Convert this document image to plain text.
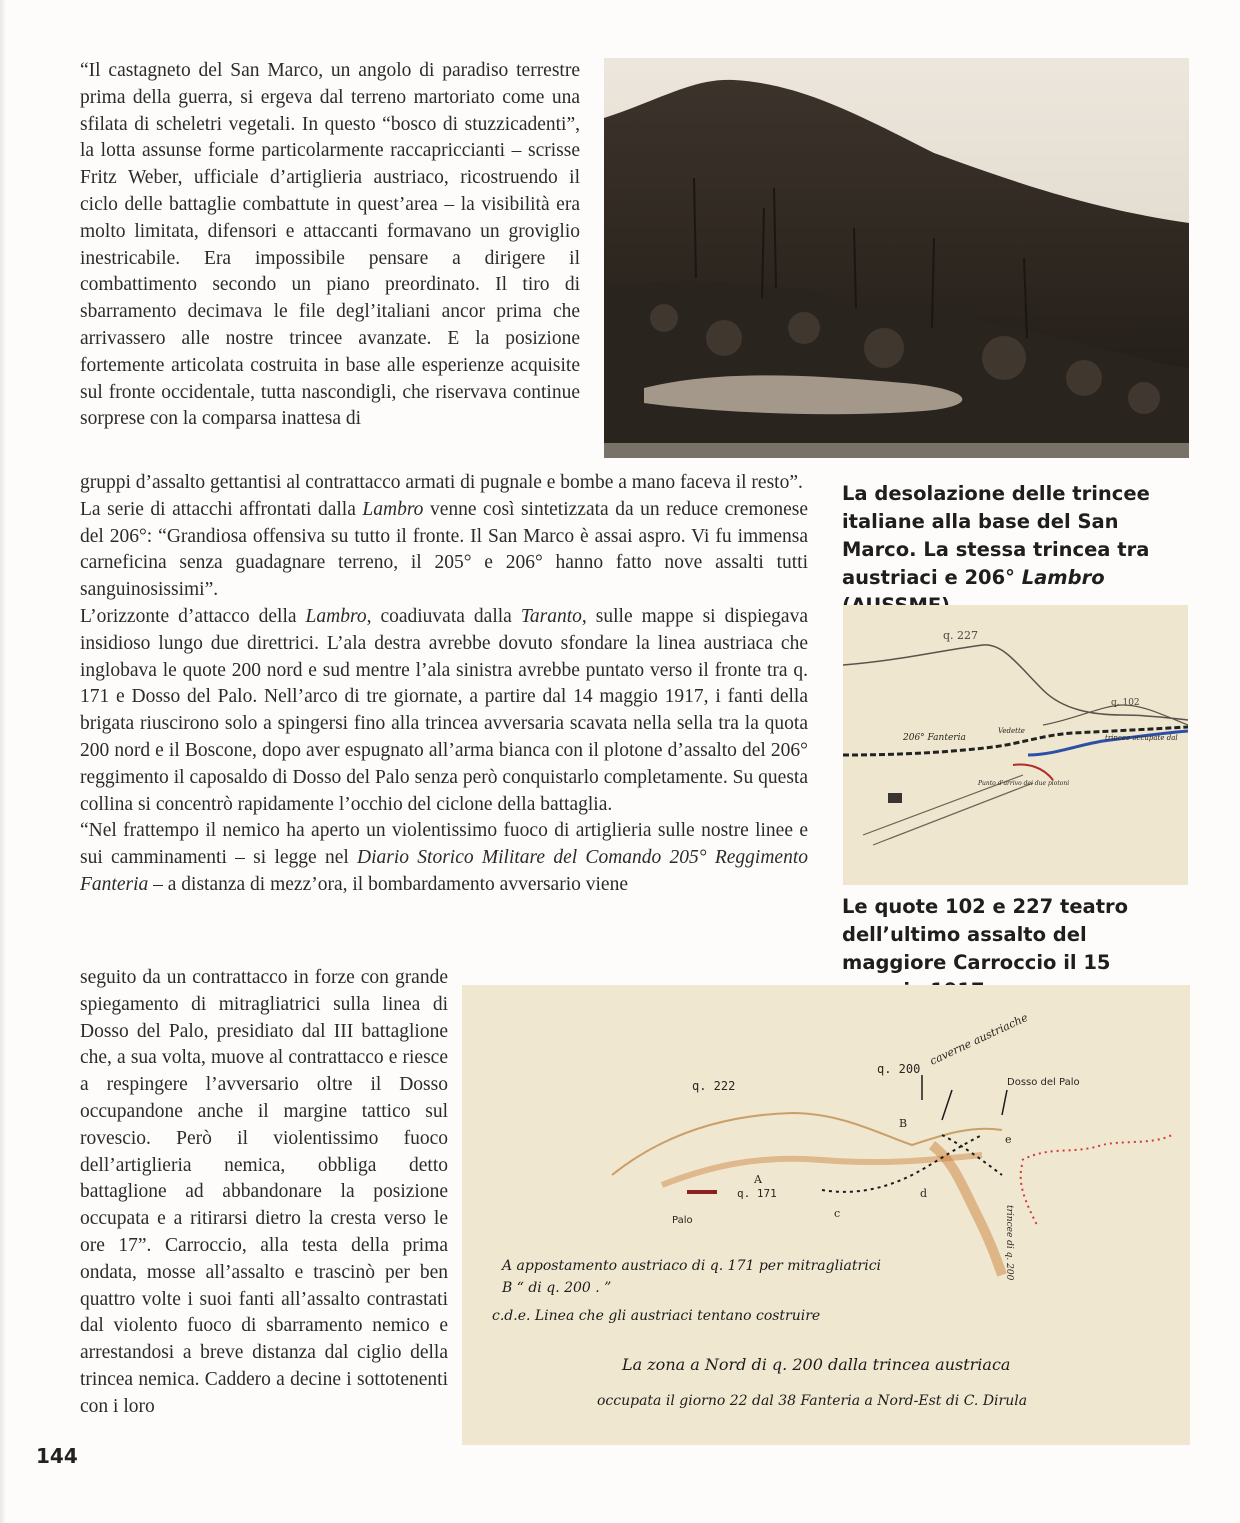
“Il castagneto del San Marco, un angolo di paradiso terrestre prima della guerra, si ergeva dal terreno martoriato come una sfilata di scheletri vegetali. In questo “bosco di stuzzicadenti”, la lotta assunse forme particolarmente raccapriccianti – scrisse Fritz Weber, ufficiale d’artiglieria austriaco, ricostruendo il ciclo delle battaglie combattute in quest’area – la visibilità era molto limitata, difensori e attaccanti formavano un groviglio inestricabile. Era impossibile pensare a dirigere il combattimento secondo un piano preordinato. Il tiro di sbarramento decimava le file degl’italiani ancor prima che arrivassero alle nostre trincee avanzate. E la posizione fortemente articolata costruita in base alle esperienze acquisite sul fronte occidentale, tutta nascondigli, che riservava continue sorprese con la comparsa inattesa di

gruppi d’assalto gettantisi al contrattacco armati di pugnale e bombe a mano faceva il resto”.

La serie di attacchi affrontati dalla Lambro venne così sintetizzata da un reduce cremonese del 206°: “Grandiosa offensiva su tutto il fronte. Il San Marco è assai aspro. Vi fu immensa carneficina senza guadagnare terreno, il 205° e 206° hanno fatto nove assalti tutti sanguinosissimi”.

L’orizzonte d’attacco della Lambro, coadiuvata dalla Taranto, sulle mappe si dispiegava insidioso lungo due direttrici. L’ala destra avrebbe dovuto sfondare la linea austriaca che inglobava le quote 200 nord e sud mentre l’ala sinistra avrebbe puntato verso il fronte tra q. 171 e Dosso del Palo. Nell’arco di tre giornate, a partire dal 14 maggio 1917, i fanti della brigata riuscirono solo a spingersi fino alla trincea avversaria scavata nella sella tra la quota 200 nord e il Boscone, dopo aver espugnato all’arma bianca con il plotone d’assalto del 206° reggimento il caposaldo di Dosso del Palo senza però conquistarlo completamente. Su questa collina si concentrò rapidamente l’occhio del ciclone della battaglia.

“Nel frattempo il nemico ha aperto un violentissimo fuoco di artiglieria sulle nostre linee e sui camminamenti – si legge nel Diario Storico Militare del Comando 205° Reggimento Fanteria – a distanza di mezz’ora, il bombardamento avversario viene

seguito da un contrattacco in forze con grande spiegamento di mitragliatrici sulla linea di Dosso del Palo, presidiato dal III battaglione che, a sua volta, muove al contrattacco e riesce a respingere l’avversario oltre il Dosso occupandone anche il margine tattico sul rovescio. Però il violentissimo fuoco dell’artiglieria nemica, obbliga detto battaglione ad abbandonare la posizione occupata e a ritirarsi dietro la cresta verso le ore 17”. Carroccio, alla testa della prima ondata, mosse all’assalto e trascinò per ben quattro volte i suoi fanti all’assalto contrastati dal violento fuoco di sbarramento nemico e arrestandosi a breve distanza dal ciglio della trincea nemica. Caddero a decine i sottotenenti con i loro

La desolazione delle trincee italiane alla base del San Marco. La stessa trincea tra austriaci e 206° Lambro

q. 227
q. 102
206° Fanteria
Vedette
trincee occupate dal
Punto d’arrivo dei due plotoni

Le quote 102 e 227 teatro dell’ultimo assalto del maggiore Carroccio il 15

q. 222
q. 200
caverne austriache
Dosso del Palo
q. 171
Palo
A
B
c
d
e
trincee di q. 200
A appostamento austriaco di q. 171 per mitragliatrici
B “ di q. 200 . ”
c.d.e. Linea che gli austriaci tentano costruire
La zona a Nord di q. 200 dalla trincea austriaca
occupata il giorno 22 dal 38 Fanteria a Nord-Est di C. Dirula
144
